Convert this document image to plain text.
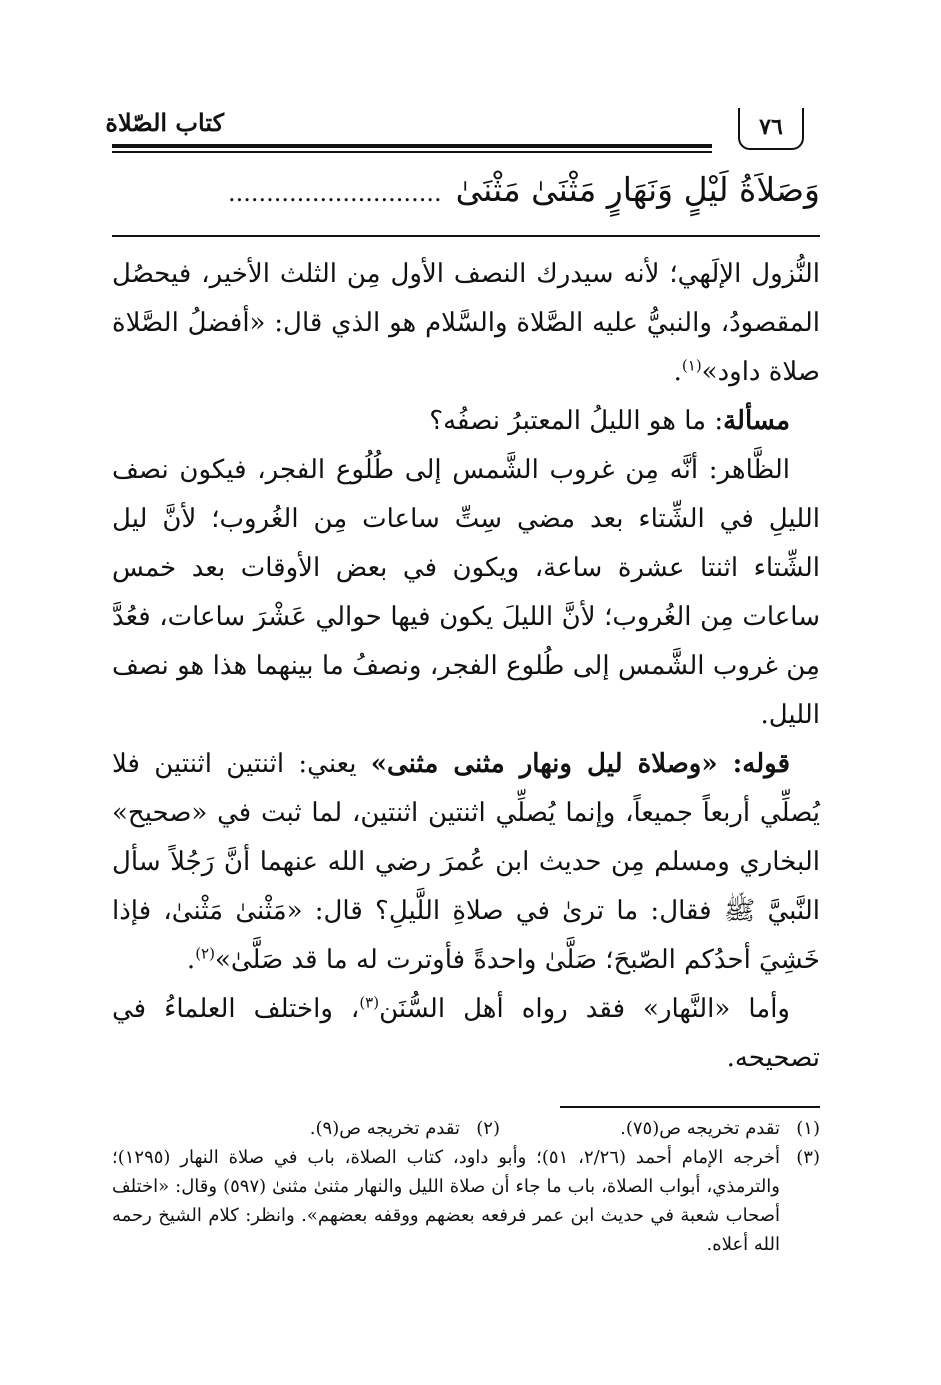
كتاب الصّلاة	٧٦
وَصَلاَةُ لَيْلٍ وَنَهَارٍ مَثْنَىٰ مَثْنَىٰ............................

النُّزول الإلَهي؛ لأنه سيدرك النصف الأول مِن الثلث الأخير، فيحصُل المقصودُ، والنبيُّ عليه الصَّلاة والسَّلام هو الذي قال: «أفضلُ الصَّلاة صلاة داود»$^{(١)}$.

مسألة: ما هو الليلُ المعتبرُ نصفُه؟

الظَّاهر: أنَّه مِن غروب الشَّمس إلى طُلُوع الفجر، فيكون نصف الليلِ في الشِّتاء بعد مضي سِتِّ ساعات مِن الغُروب؛ لأنَّ ليل الشِّتاء اثنتا عشرة ساعة، ويكون في بعض الأوقات بعد خمس ساعات مِن الغُروب؛ لأنَّ الليلَ يكون فيها حوالي عَشْرَ ساعات، فعُدَّ مِن غروب الشَّمس إلى طُلوع الفجر، ونصفُ ما بينهما هذا هو نصف الليل.

قوله: «وصلاة ليل ونهار مثنى مثنى» يعني: اثنتين اثنتين فلا يُصلِّي أربعاً جميعاً، وإنما يُصلِّي اثنتين اثنتين، لما ثبت في «صحيح» البخاري ومسلم مِن حديث ابن عُمرَ رضي الله عنهما أنَّ رَجُلاً سأل النَّبيَّ ﷺ فقال: ما ترىٰ في صلاةِ اللَّيلِ؟ قال: «مَثْنىٰ مَثْنىٰ، فإذا خَشِيَ أحدُكم الصّبحَ؛ صَلَّىٰ واحدةً فأوترت له ما قد صَلَّىٰ»$^{(٢)}$.

وأما «النَّهار» فقد رواه أهل السُّنَن$^{(٣)}$، واختلف العلماءُ في تصحيحه.

(١)
تقدم تخريجه ص(٧٥).
(٢)
تقدم تخريجه ص(٩).
(٣)
أخرجه الإمام أحمد (٢/٢٦، ٥١)؛ وأبو داود، كتاب الصلاة، باب في صلاة النهار (١٢٩٥)؛ والترمذي، أبواب الصلاة، باب ما جاء أن صلاة الليل والنهار مثنىٰ مثنىٰ (٥٩٧) وقال: «اختلف أصحاب شعبة في حديث ابن عمر فرفعه بعضهم ووقفه بعضهم». وانظر: كلام الشيخ رحمه الله أعلاه.
